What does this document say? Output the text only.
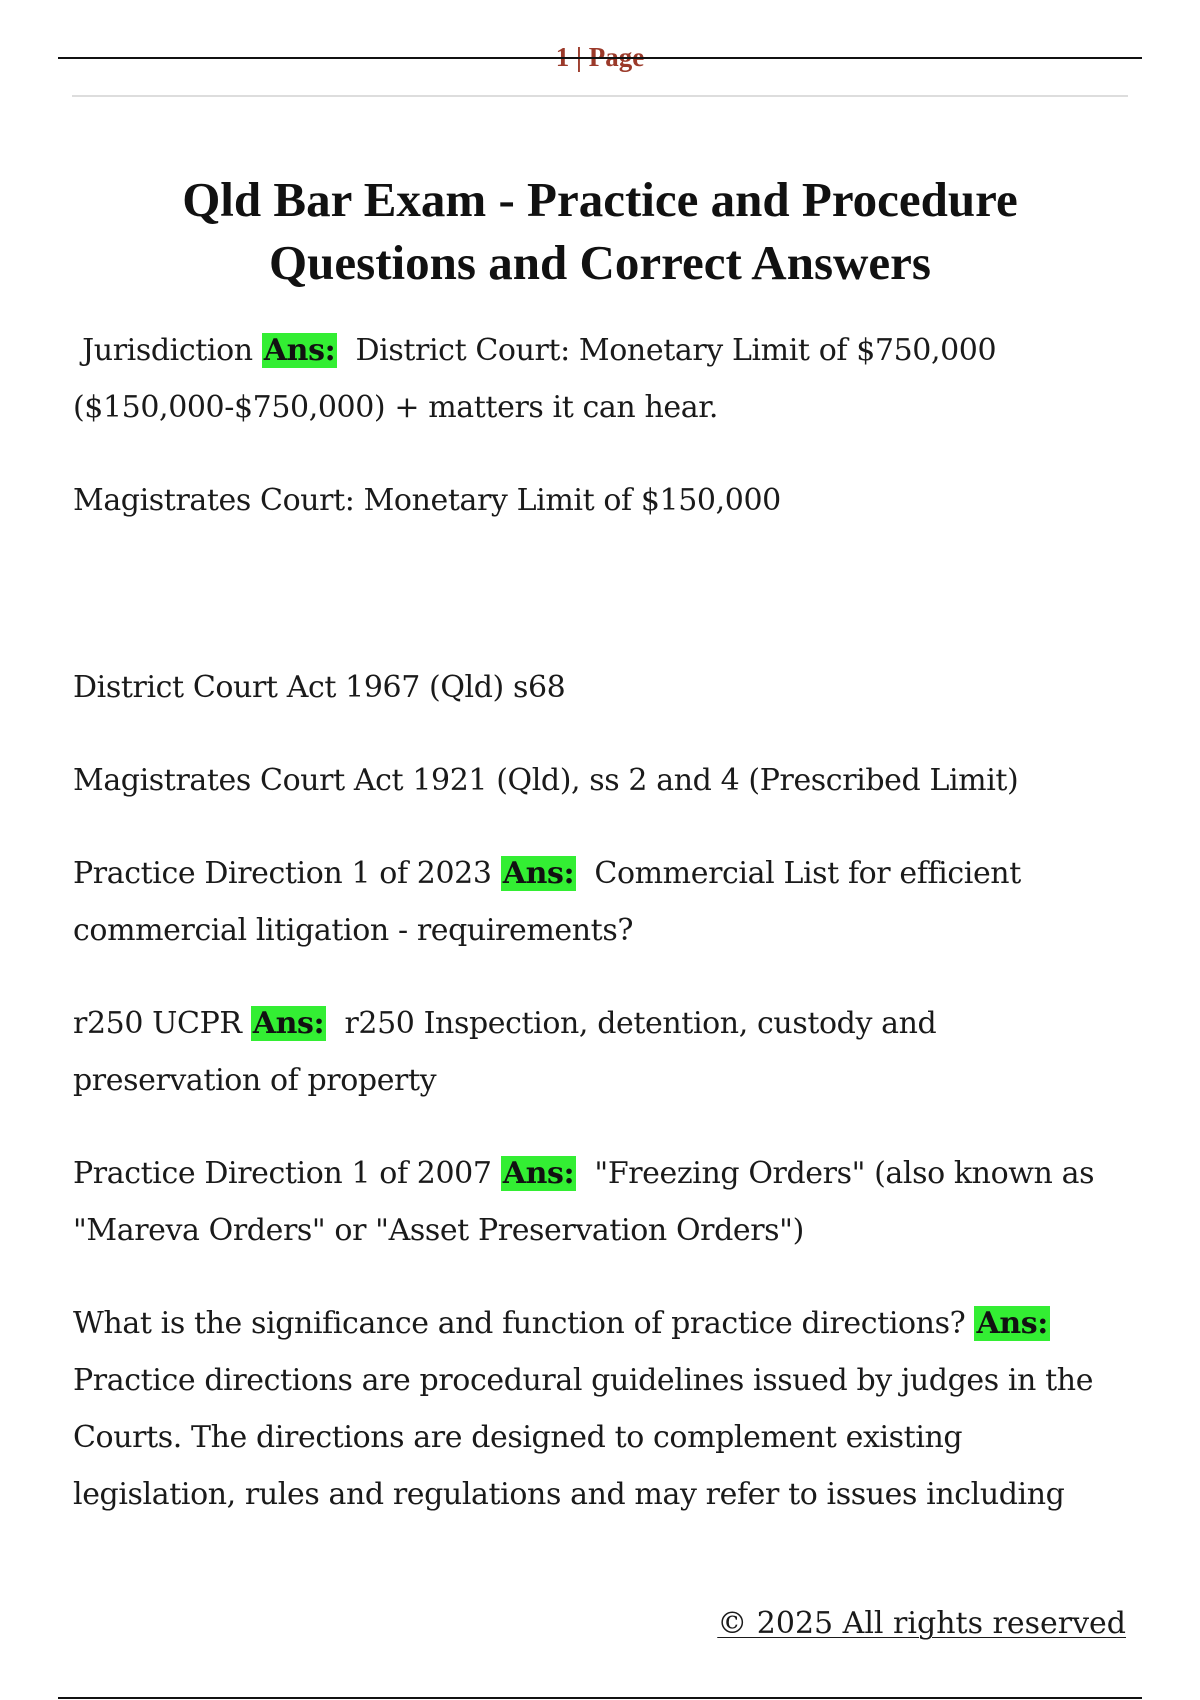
1 | Page
Qld Bar Exam - Practice and Procedure
Questions and Correct Answers

Jurisdiction Ans: District Court: Monetary Limit of $750,000 ($150,000-$750,000) + matters it can hear.

Magistrates Court: Monetary Limit of $150,000

District Court Act 1967 (Qld) s68

Magistrates Court Act 1921 (Qld), ss 2 and 4 (Prescribed Limit)

Practice Direction 1 of 2023 Ans: Commercial List for efficient commercial litigation - requirements?

r250 UCPR Ans: r250 Inspection, detention, custody and preservation of property

Practice Direction 1 of 2007 Ans: "Freezing Orders" (also known as "Mareva Orders" or "Asset Preservation Orders")

What is the significance and function of practice directions? Ans: Practice directions are procedural guidelines issued by judges in the Courts. The directions are designed to complement existing legislation, rules and regulations and may refer to issues including

© 2025 All rights reserved
